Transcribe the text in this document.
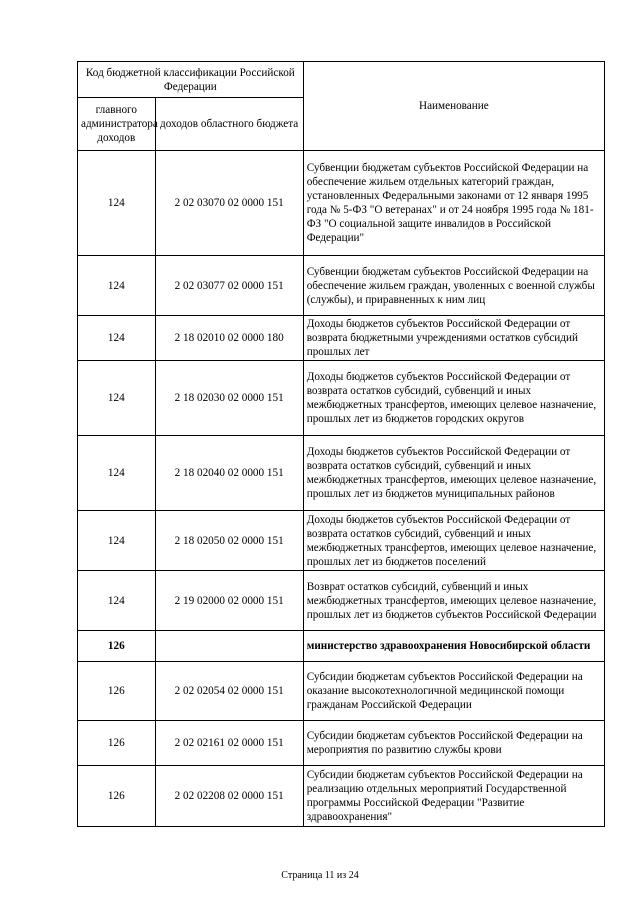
Код бюджетной классификации Российской Федерации		Наименование
главного администратора доходов	доходов областного бюджета	
124	2 02 03070 02 0000 151	Субвенции бюджетам субъектов Российской Федерации на обеспечение жильем отдельных категорий граждан, установленных Федеральными законами от 12 января 1995 года № 5-ФЗ "О ветеранах" и от 24 ноября 1995 года № 181-ФЗ "О социальной защите инвалидов в Российской Федерации"
124	2 02 03077 02 0000 151	Субвенции бюджетам субъектов Российской Федерации на обеспечение жильем граждан, уволенных с военной службы (службы), и приравненных к ним лиц
124	2 18 02010 02 0000 180	Доходы бюджетов субъектов Российской Федерации от возврата бюджетными учреждениями остатков субсидий прошлых лет
124	2 18 02030 02 0000 151	Доходы бюджетов субъектов Российской Федерации от возврата остатков субсидий, субвенций и иных межбюджетных трансфертов, имеющих целевое назначение, прошлых лет из бюджетов городских округов
124	2 18 02040 02 0000 151	Доходы бюджетов субъектов Российской Федерации от возврата остатков субсидий, субвенций и иных межбюджетных трансфертов, имеющих целевое назначение, прошлых лет из бюджетов муниципальных районов
124	2 18 02050 02 0000 151	Доходы бюджетов субъектов Российской Федерации от возврата остатков субсидий, субвенций и иных межбюджетных трансфертов, имеющих целевое назначение, прошлых лет из бюджетов поселений
124	2 19 02000 02 0000 151	Возврат остатков субсидий, субвенций и иных межбюджетных трансфертов, имеющих целевое назначение, прошлых лет из бюджетов субъектов Российской Федерации
126		министерство здравоохранения Новосибирской области
126	2 02 02054 02 0000 151	Субсидии бюджетам субъектов Российской Федерации на оказание высокотехнологичной медицинской помощи гражданам Российской Федерации
126	2 02 02161 02 0000 151	Субсидии бюджетам субъектов Российской Федерации на мероприятия по развитию службы крови
126	2 02 02208 02 0000 151	Субсидии бюджетам субъектов Российской Федерации на реализацию отдельных мероприятий Государственной программы Российской Федерации "Развитие здравоохранения"
Страница 11 из 24
